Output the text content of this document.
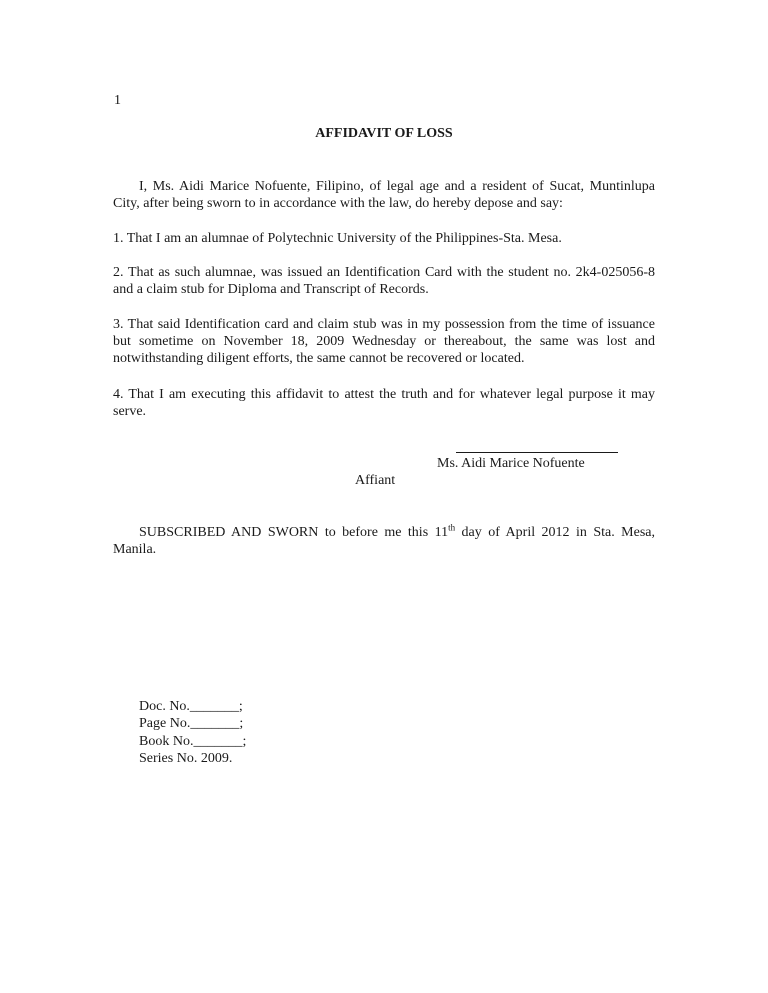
1
AFFIDAVIT OF LOSS

I, Ms. Aidi Marice Nofuente, Filipino, of legal age and a resident of Sucat, Muntinlupa City, after being sworn to in accordance with the law, do hereby depose and say:

1. That I am an alumnae of Polytechnic University of the Philippines-Sta. Mesa.

2. That as such alumnae, was issued an Identification Card with the student no. 2k4-025056-8 and a claim stub for Diploma and Transcript of Records.

3. That said Identification card and claim stub was in my possession from the time of issuance but sometime on November 18, 2009 Wednesday or thereabout, the same was lost and notwithstanding diligent efforts, the same cannot be recovered or located.

4. That I am executing this affidavit to attest the truth and for whatever legal purpose it may serve.

Ms. Aidi Marice Nofuente
Affiant

SUBSCRIBED AND SWORN to before me this 11th day of April 2012 in Sta. Mesa, Manila.

Doc. No._______;
Page No._______;
Book No._______;
Series No. 2009.
